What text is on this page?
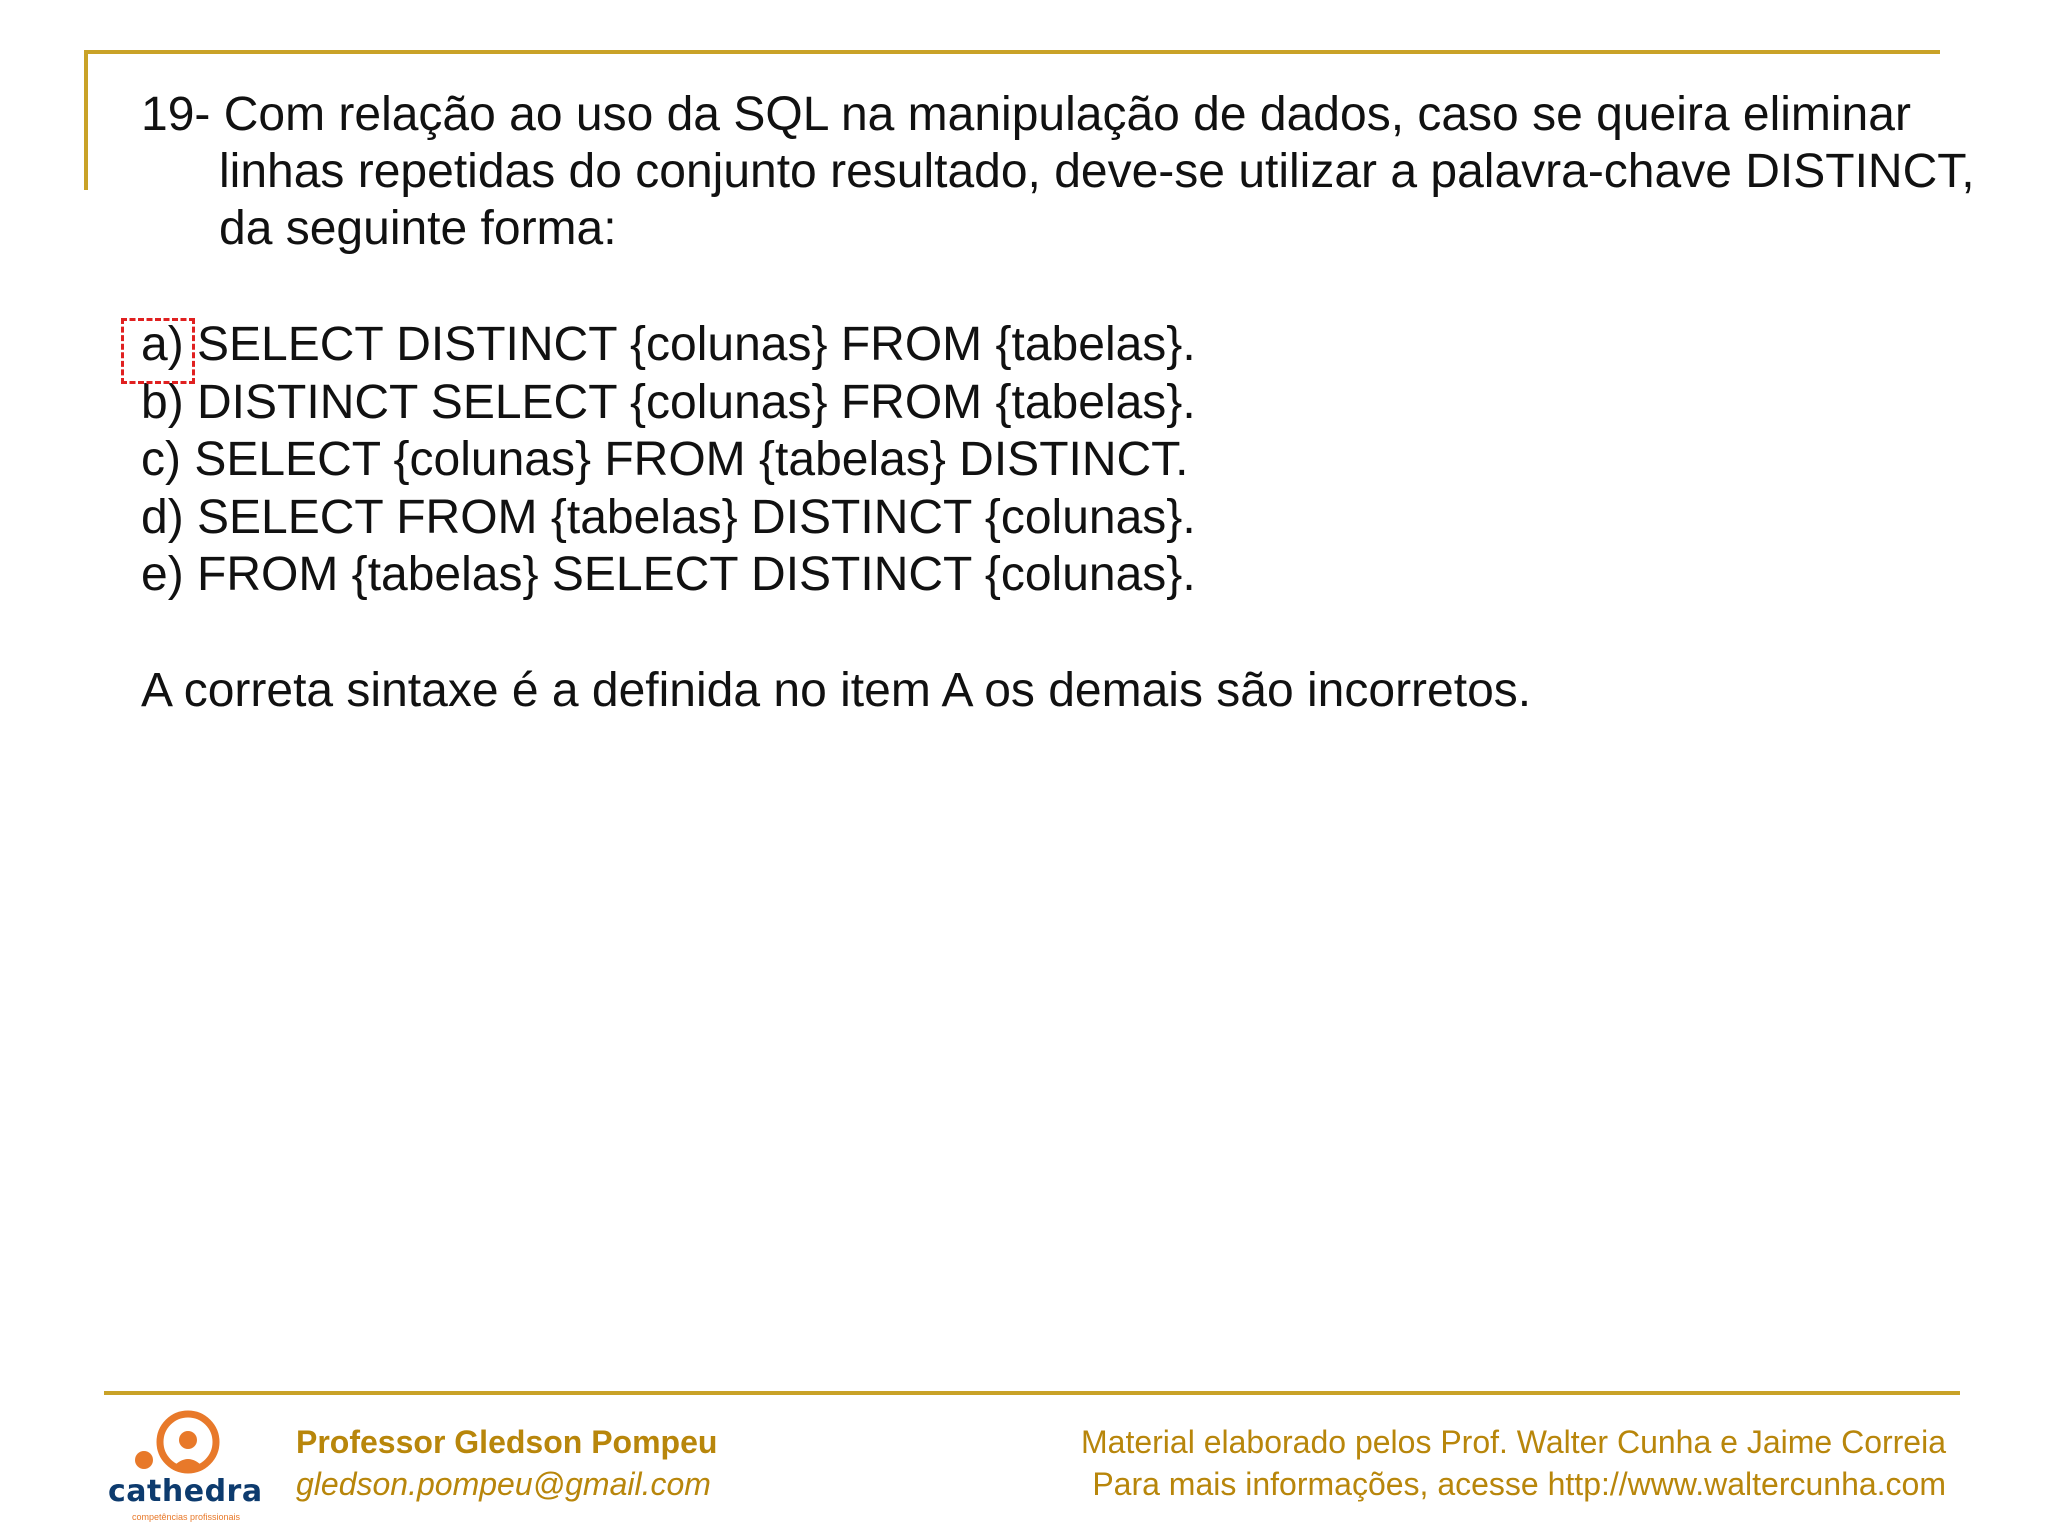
19- Com relação ao uso da SQL na manipulação de dados, caso se queira eliminar linhas repetidas do conjunto resultado, deve-se utilizar a palavra-chave DISTINCT, da seguinte forma:

a) SELECT DISTINCT {colunas} FROM {tabelas}.
b) DISTINCT SELECT {colunas} FROM {tabelas}.
c) SELECT {colunas} FROM {tabelas} DISTINCT.
d) SELECT FROM {tabelas} DISTINCT {colunas}.
e) FROM {tabelas} SELECT DISTINCT {colunas}.

A correta sintaxe é a definida no item A os demais são incorretos.

cathedra
competências profissionais
Professor Gledson Pompeu
gledson.pompeu@gmail.com
Material elaborado pelos Prof. Walter Cunha e Jaime Correia
Para mais informações, acesse http://www.waltercunha.com
